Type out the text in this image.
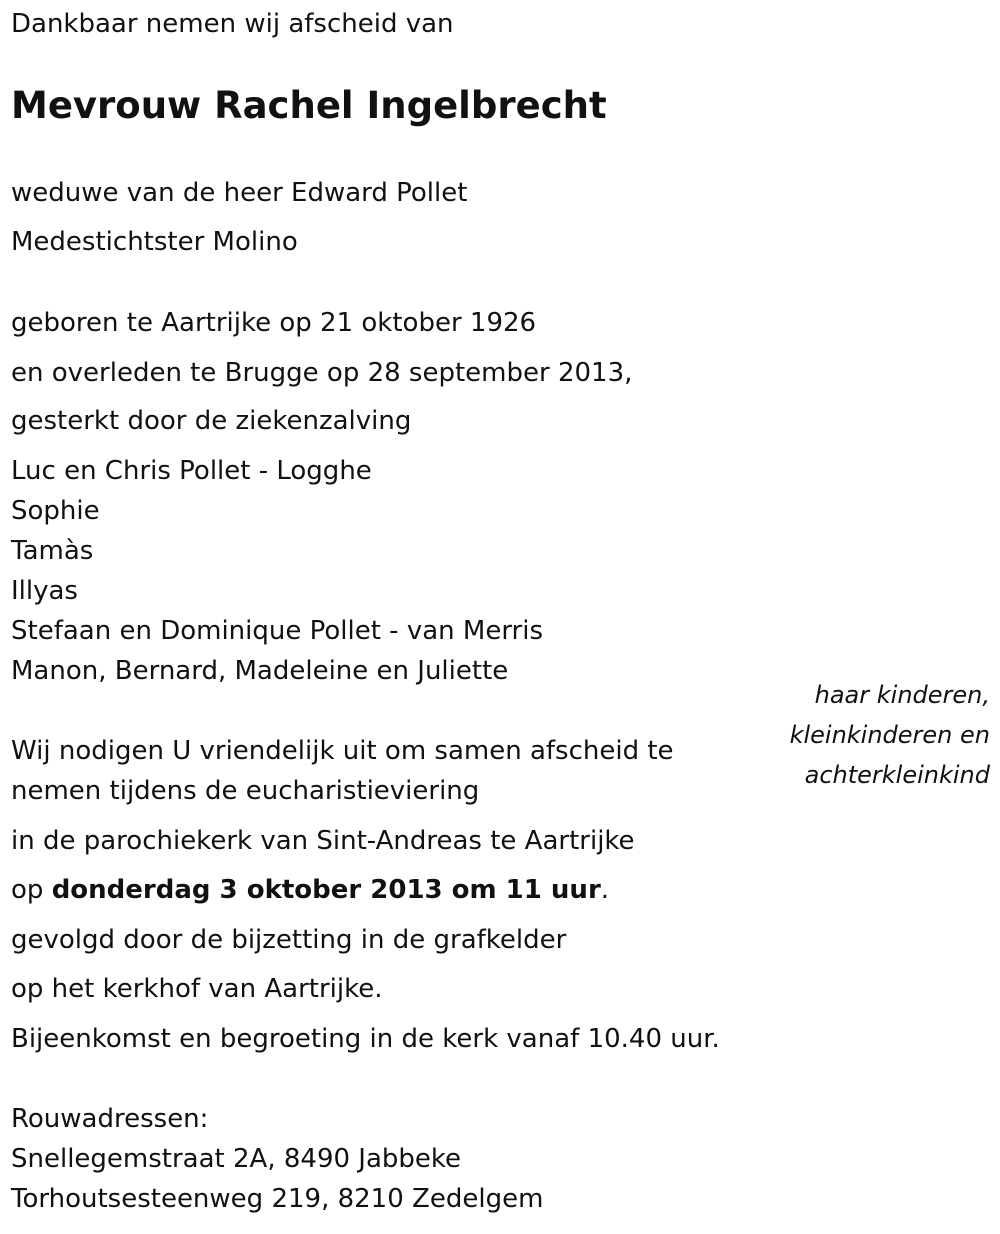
Dankbaar nemen wij afscheid van
Mevrouw Rachel Ingelbrecht
weduwe van de heer Edward Pollet
Medestichtster Molino
geboren te Aartrijke op 21 oktober 1926
en overleden te Brugge op 28 september 2013,
gesterkt door de ziekenzalving
Luc en Chris Pollet - Logghe
Sophie
Tamàs
Illyas
Stefaan en Dominique Pollet - van Merris
Manon, Bernard, Madeleine en Juliette
haar kinderen,
kleinkinderen en
achterkleinkind
Wij nodigen U vriendelijk uit om samen afscheid te
nemen tijdens de eucharistieviering
in de parochiekerk van Sint-Andreas te Aartrijke
op donderdag 3 oktober 2013 om 11 uur.
gevolgd door de bijzetting in de grafkelder
op het kerkhof van Aartrijke.
Bijeenkomst en begroeting in de kerk vanaf 10.40 uur.
Rouwadressen:
Snellegemstraat 2A, 8490 Jabbeke
Torhoutsesteenweg 219, 8210 Zedelgem
